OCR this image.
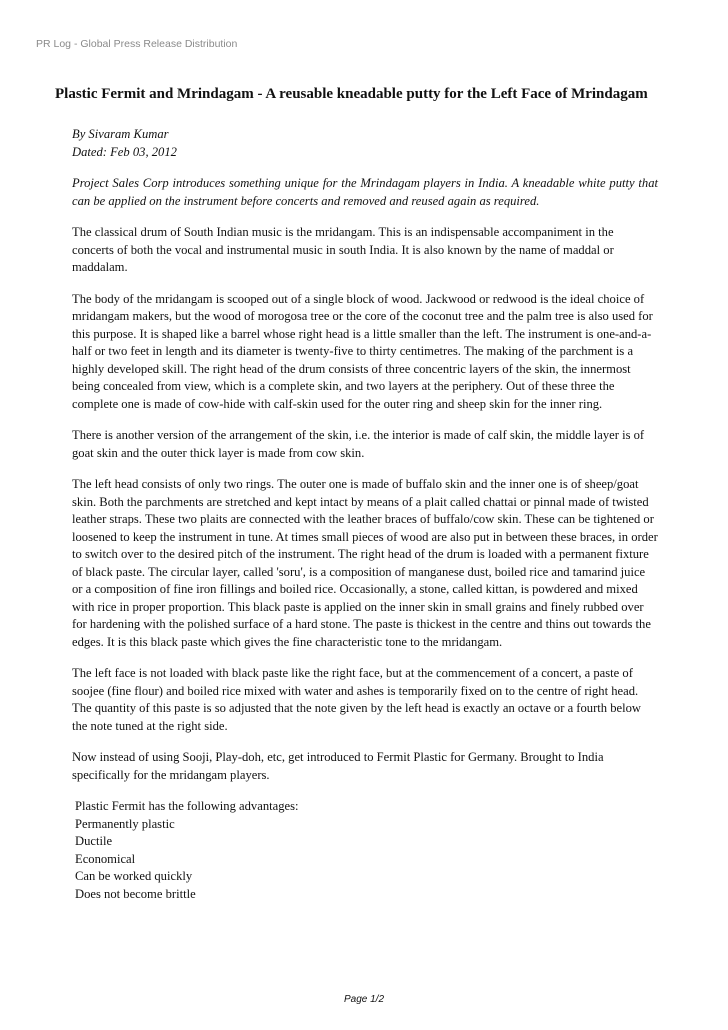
PR Log - Global Press Release Distribution
Plastic Fermit and Mrindagam - A reusable kneadable putty for the Left Face of Mrindagam

By Sivaram Kumar

Dated: Feb 03, 2012

Project Sales Corp introduces something unique for the Mrindagam players in India. A kneadable white putty that can be applied on the instrument before concerts and removed and reused again as required.

The classical drum of South Indian music is the mridangam. This is an indispensable accompaniment in the concerts of both the vocal and instrumental music in south India. It is also known by the name of maddal or maddalam.

The body of the mridangam is scooped out of a single block of wood. Jackwood or redwood is the ideal choice of mridangam makers, but the wood of morogosa tree or the core of the coconut tree and the palm tree is also used for this purpose. It is shaped like a barrel whose right head is a little smaller than the left. The instrument is one-and-a-half or two feet in length and its diameter is twenty-five to thirty centimetres. The making of the parchment is a highly developed skill. The right head of the drum consists of three concentric layers of the skin, the innermost being concealed from view, which is a complete skin, and two layers at the periphery. Out of these three the complete one is made of cow-hide with calf-skin used for the outer ring and sheep skin for the inner ring.

There is another version of the arrangement of the skin, i.e. the interior is made of calf skin, the middle layer is of goat skin and the outer thick layer is made from cow skin.

The left head consists of only two rings. The outer one is made of buffalo skin and the inner one is of sheep/goat skin. Both the parchments are stretched and kept intact by means of a plait called chattai or pinnal made of twisted leather straps. These two plaits are connected with the leather braces of buffalo/cow skin. These can be tightened or loosened to keep the instrument in tune. At times small pieces of wood are also put in between these braces, in order to switch over to the desired pitch of the instrument. The right head of the drum is loaded with a permanent fixture of black paste. The circular layer, called 'soru', is a composition of manganese dust, boiled rice and tamarind juice or a composition of fine iron fillings and boiled rice. Occasionally, a stone, called kittan, is powdered and mixed with rice in proper proportion. This black paste is applied on the inner skin in small grains and finely rubbed over for hardening with the polished surface of a hard stone. The paste is thickest in the centre and thins out towards the edges. It is this black paste which gives the fine characteristic tone to the mridangam.

The left face is not loaded with black paste like the right face, but at the commencement of a concert, a paste of soojee (fine flour) and boiled rice mixed with water and ashes is temporarily fixed on to the centre of right head. The quantity of this paste is so adjusted that the note given by the left head is exactly an octave or a fourth below the note tuned at the right side.

Now instead of using Sooji, Play-doh, etc, get introduced to Fermit Plastic for Germany. Brought to India specifically for the mridangam players.

Plastic Fermit has the following advantages:
Permanently plastic
Ductile
Economical
Can be worked quickly
Does not become brittle
Page 1/2
